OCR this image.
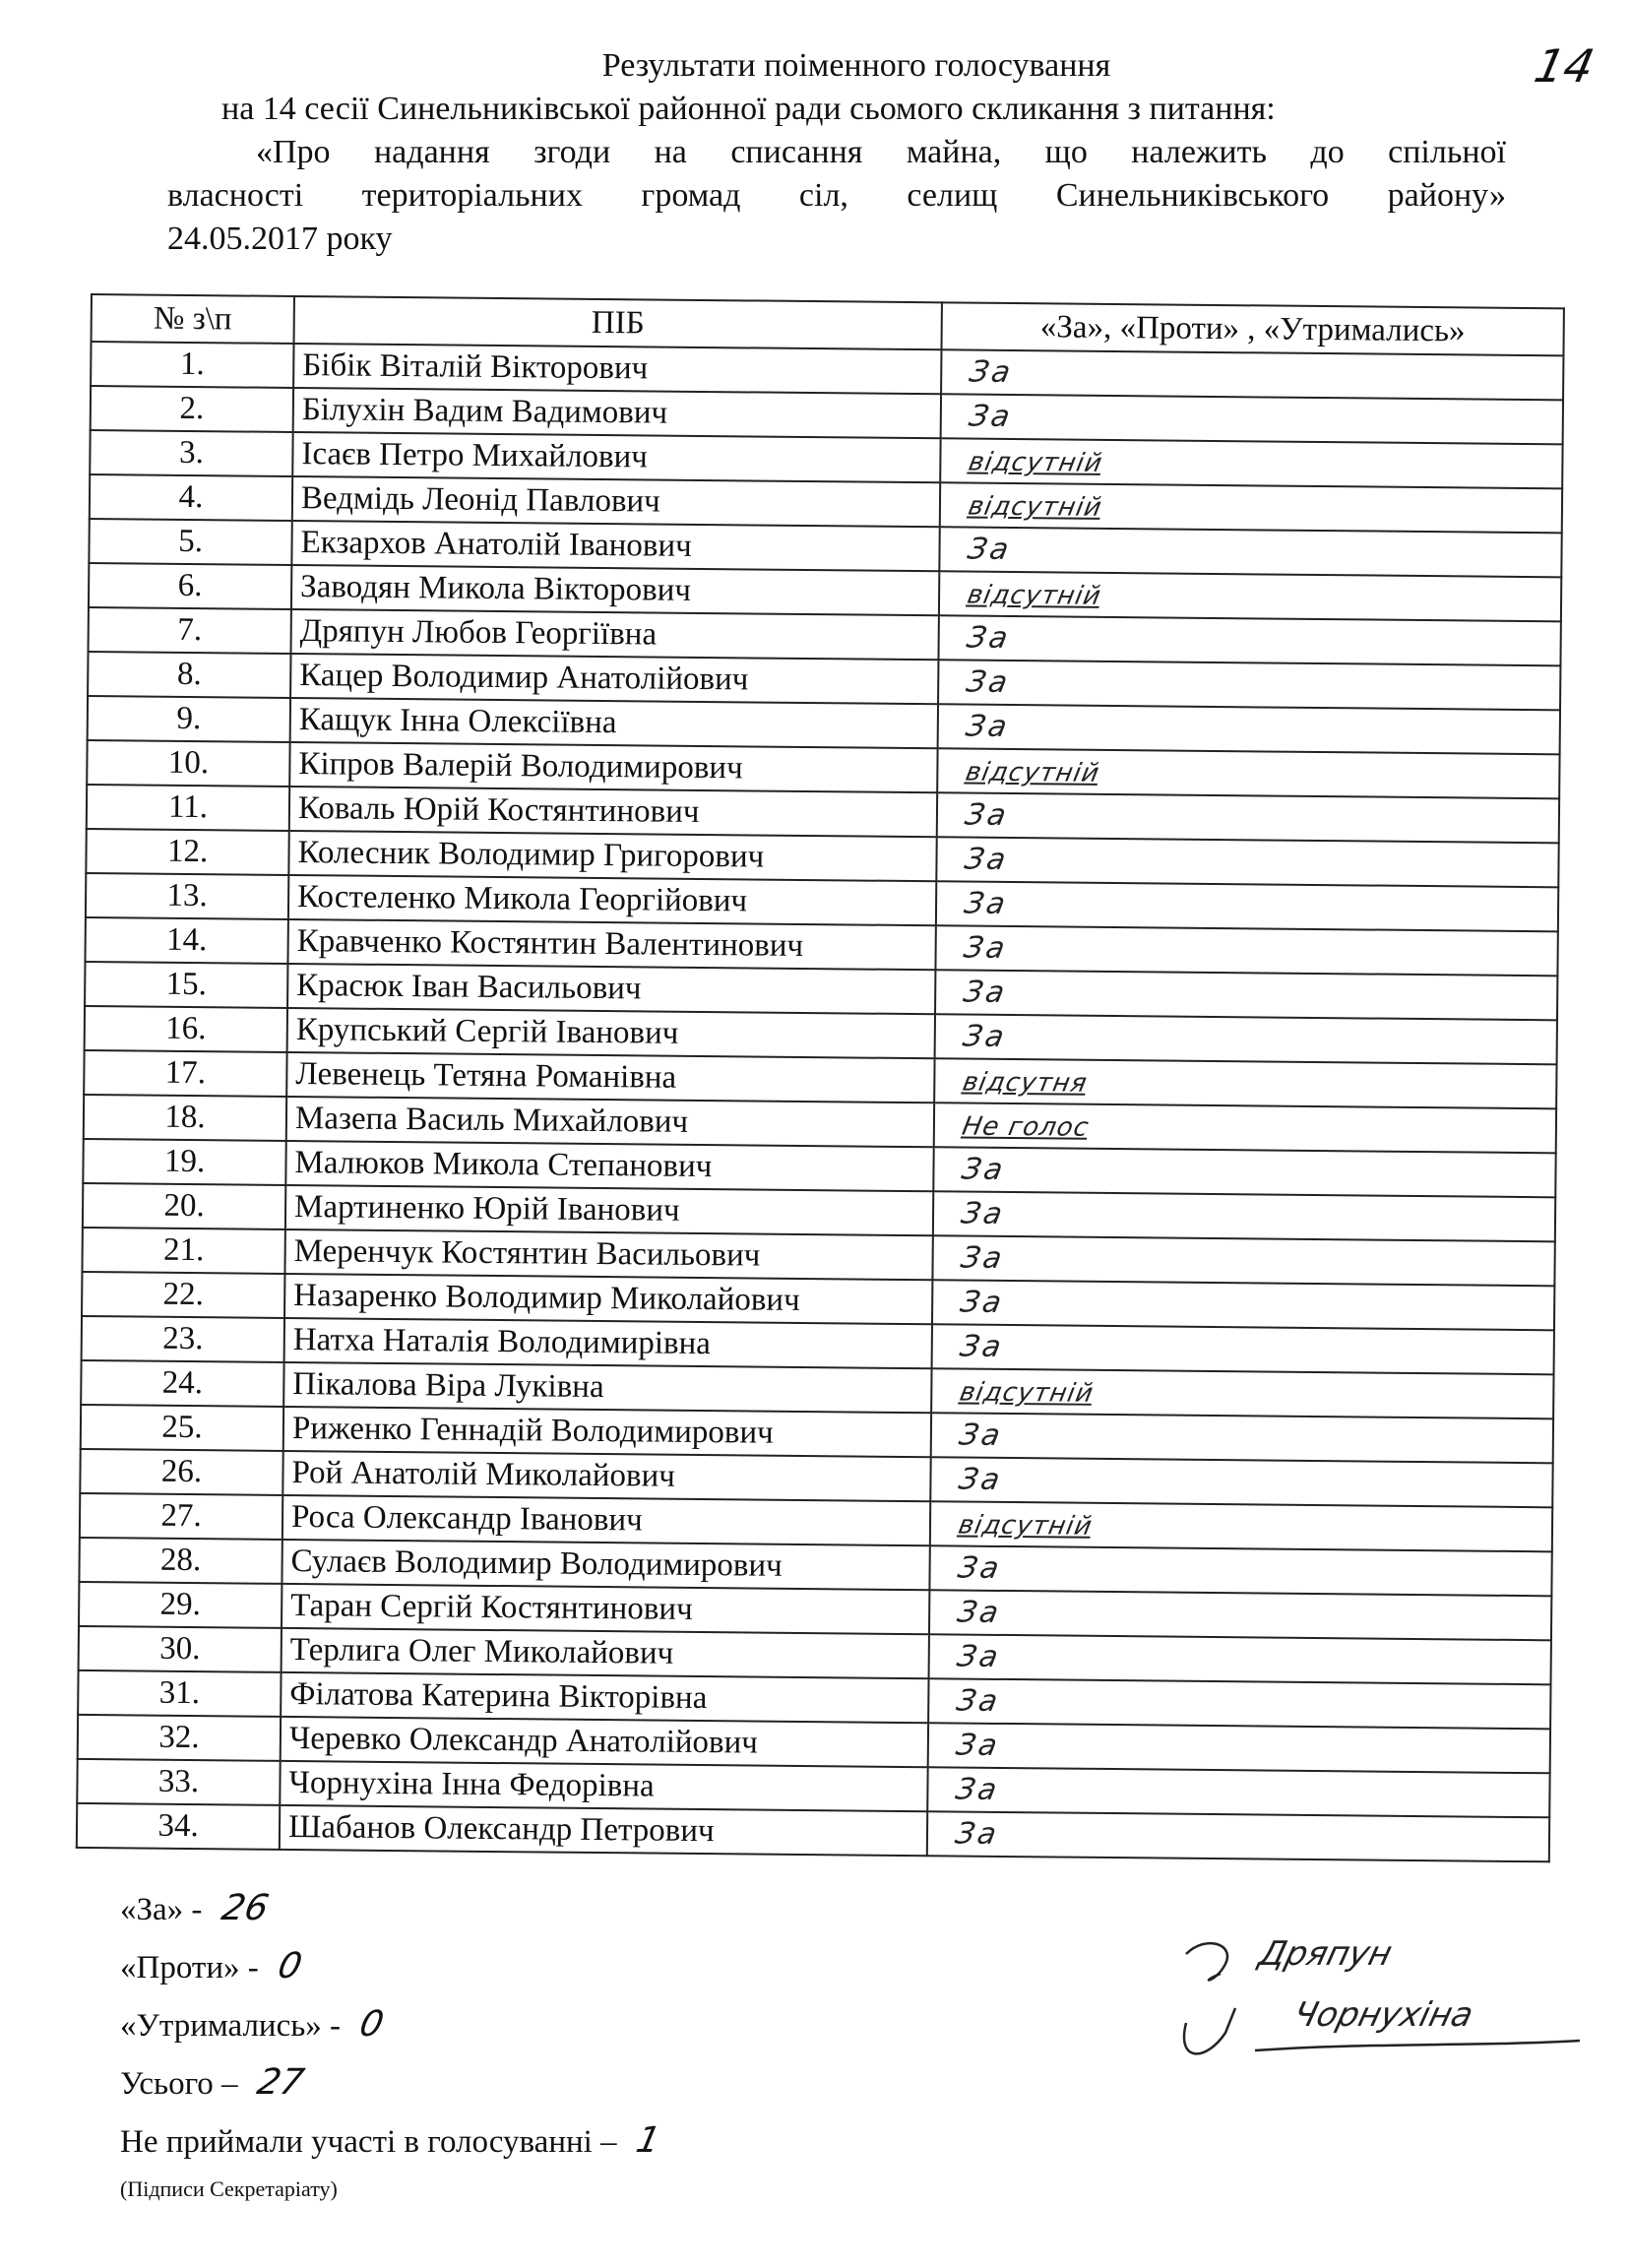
14
Результати поіменного голосування
на 14 сесії Синельниківської районної ради сьомого скликання з питання:
«Про надання згоди на списання майна, що належить до спільної
власності територіальних громад сіл, селищ Синельниківського району»
24.05.2017 року
№ з\п	ПІБ	«За», «Проти» , «Утримались»
1.	Бібік Віталій Вікторович	За
2.	Білухін Вадим Вадимович	За
3.	Ісаєв Петро Михайлович	відсутній
4.	Ведмідь Леонід Павлович	відсутній
5.	Екзархов Анатолій Іванович	За
6.	Заводян Микола Вікторович	відсутній
7.	Дряпун Любов Георгіївна	За
8.	Кацер Володимир Анатолійович	За
9.	Кащук Інна Олексіївна	За
10.	Кіпров Валерій Володимирович	відсутній
11.	Коваль Юрій Костянтинович	За
12.	Колесник Володимир Григорович	За
13.	Костеленко Микола Георгійович	За
14.	Кравченко Костянтин Валентинович	За
15.	Красюк Іван Васильович	За
16.	Крупський Сергій Іванович	За
17.	Левенець Тетяна Романівна	відсутня
18.	Мазепа Василь Михайлович	Не голос
19.	Малюков Микола Степанович	За
20.	Мартиненко Юрій Іванович	За
21.	Меренчук Костянтин Васильович	За
22.	Назаренко Володимир Миколайович	За
23.	Натха Наталія Володимирівна	За
24.	Пікалова Віра Луківна	відсутній
25.	Риженко Геннадій Володимирович	За
26.	Рой Анатолій Миколайович	За
27.	Роса Олександр Іванович	відсутній
28.	Сулаєв Володимир Володимирович	За
29.	Таран Сергій Костянтинович	За
30.	Терлига Олег Миколайович	За
31.	Філатова Катерина Вікторівна	За
32.	Черевко Олександр Анатолійович	За
33.	Чорнухіна Інна Федорівна	За
34.	Шабанов Олександр Петрович	За
«За» - 26
«Проти» - 0
«Утримались» - 0
Усього – 27
Не приймали участі в голосуванні – 1
(Підписи Секретаріату)
Дряпун
Чорнухіна
